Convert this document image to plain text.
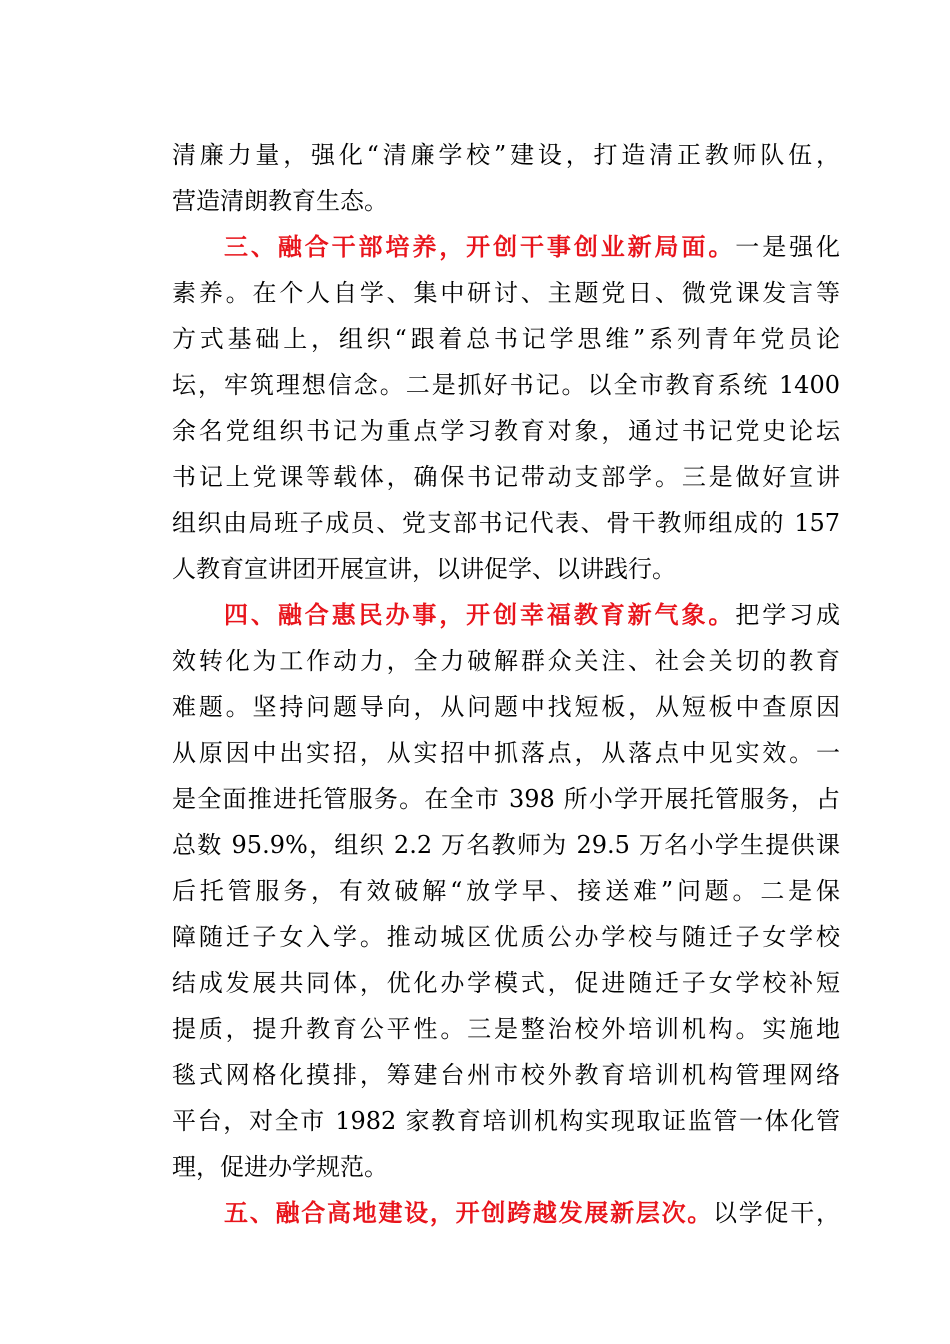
清廉力量，强化“清廉学校”建设，打造清正教师队伍，
营造清朗教育生态。
三、融合干部培养，开创干事创业新局面。一是强化
素养。在个人自学、集中研讨、主题党日、微党课发言等
方式基础上，组织“跟着总书记学思维”系列青年党员论
坛，牢筑理想信念。二是抓好书记。以全市教育系统 1400
余名党组织书记为重点学习教育对象，通过书记党史论坛
书记上党课等载体，确保书记带动支部学。三是做好宣讲
组织由局班子成员、党支部书记代表、骨干教师组成的 157
人教育宣讲团开展宣讲，以讲促学、以讲践行。
四、融合惠民办事，开创幸福教育新气象。把学习成
效转化为工作动力，全力破解群众关注、社会关切的教育
难题。坚持问题导向，从问题中找短板，从短板中查原因
从原因中出实招，从实招中抓落点，从落点中见实效。一
是全面推进托管服务。在全市 398 所小学开展托管服务，占
总数 95.9%，组织 2.2 万名教师为 29.5 万名小学生提供课
后托管服务，有效破解“放学早、接送难”问题。二是保
障随迁子女入学。推动城区优质公办学校与随迁子女学校
结成发展共同体，优化办学模式，促进随迁子女学校补短
提质，提升教育公平性。三是整治校外培训机构。实施地
毯式网格化摸排，筹建台州市校外教育培训机构管理网络
平台，对全市 1982 家教育培训机构实现取证监管一体化管
理，促进办学规范。
五、融合高地建设，开创跨越发展新层次。以学促干，
